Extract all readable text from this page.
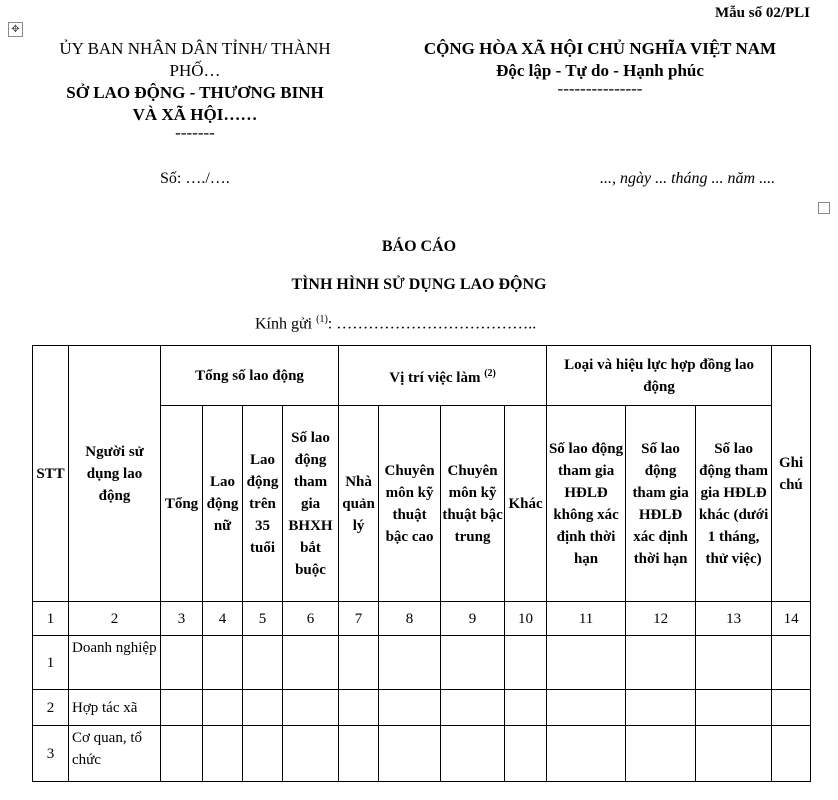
✥
Mẫu số 02/PLI
ỦY BAN NHÂN DÂN TỈNH/ THÀNH PHỐ…
SỞ LAO ĐỘNG - THƯƠNG BINH VÀ XÃ HỘI……
-------
CỘNG HÒA XÃ HỘI CHỦ NGHĨA VIỆT NAM
Độc lập - Tự do - Hạnh phúc
---------------
Số: …./….	..., ngày ... tháng ... năm ....
BÁO CÁO
TÌNH HÌNH SỬ DỤNG LAO ĐỘNG
Kính gửi $^{(1)}$: ………………………………..
STT	Người sử dụng lao động	Tổng số lao động				Vị trí việc làm $^{(2)}$				Loại và hiệu lực hợp đồng lao động			Ghi chú
		Tổng	Lao động nữ	Lao động trên 35 tuổi	Số lao động tham gia BHXH bắt buộc	Nhà quản lý	Chuyên môn kỹ thuật bậc cao	Chuyên môn kỹ thuật bậc trung	Khác	Số lao động tham gia HĐLĐ không xác định thời hạn	Số lao động tham gia HĐLĐ xác định thời hạn	Số lao động tham gia HĐLĐ khác (dưới 1 tháng, thử việc)	
1	2	3	4	5	6	7	8	9	10	11	12	13	14
1	Doanh nghiệp												
2	Hợp tác xã												
3	Cơ quan, tổ chức												
